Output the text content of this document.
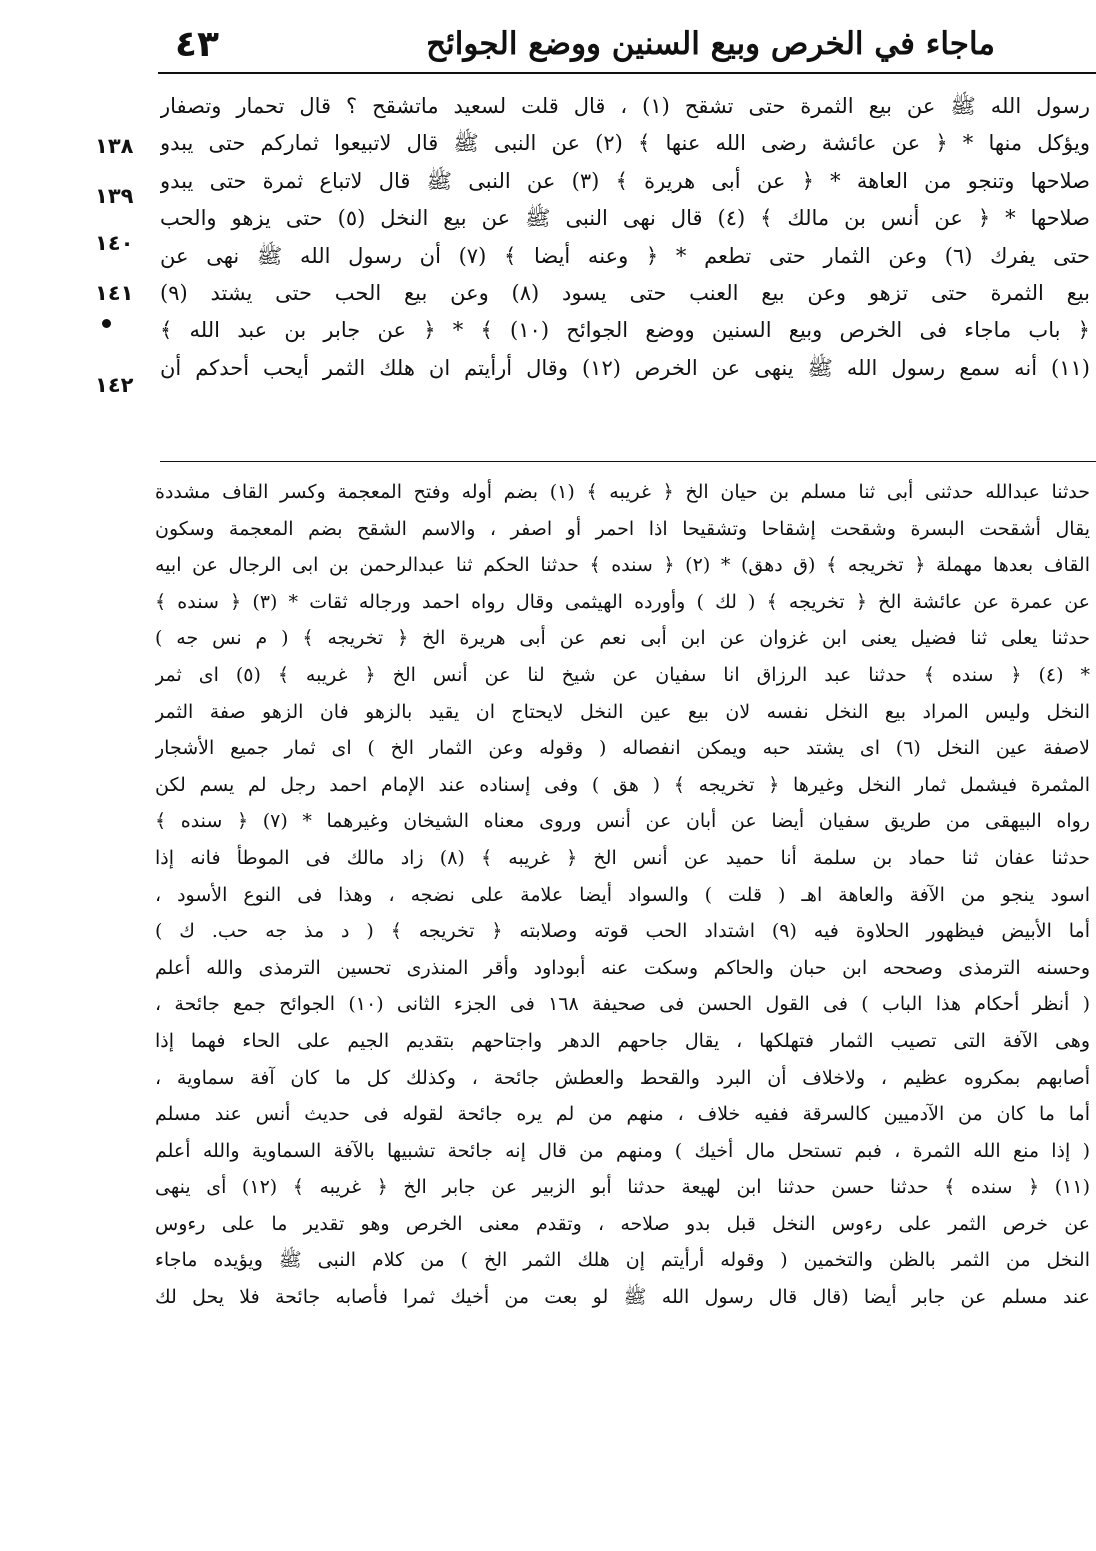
ماجاء في الخرص وبيع السنين ووضع الجوائح
٤٣
١٣٨
١٣٩
١٤٠
١٤١
١٤٢
رسول الله ﷺ عن بيع الثمرة حتى تشقح (١) ، قال قلت لسعيد ماتشقح ؟ قال تحمار وتصفار
ويؤكل منها * ﴿ عن عائشة رضى الله عنها ﴾ (٢) عن النبى ﷺ قال لاتبيعوا ثماركم حتى يبدو
صلاحها وتنجو من العاهة * ﴿ عن أبى هريرة ﴾ (٣) عن النبى ﷺ قال لاتباع ثمرة حتى يبدو
صلاحها * ﴿ عن أنس بن مالك ﴾ (٤) قال نهى النبى ﷺ عن بيع النخل (٥) حتى يزهو والحب
حتى يفرك (٦) وعن الثمار حتى تطعم * ﴿ وعنه أيضا ﴾ (٧) أن رسول الله ﷺ نهى عن
بيع الثمرة حتى تزهو وعن بيع العنب حتى يسود (٨) وعن بيع الحب حتى يشتد (٩)
﴿ باب ماجاء فى الخرص وبيع السنين ووضع الجوائح (١٠) ﴾ * ﴿ عن جابر بن عبد الله ﴾
(١١) أنه سمع رسول الله ﷺ ينهى عن الخرص (١٢) وقال أرأيتم ان هلك الثمر أيحب أحدكم أن
حدثنا عبدالله حدثنى أبى ثنا مسلم بن حيان الخ ﴿ غريبه ﴾ (١) بضم أوله وفتح المعجمة وكسر القاف مشددة
يقال أشقحت البسرة وشقحت إشقاحا وتشقيحا اذا احمر أو اصفر ، والاسم الشقح بضم المعجمة وسكون
القاف بعدها مهملة ﴿ تخريجه ﴾ (ق دهق) * (٢) ﴿ سنده ﴾ حدثنا الحكم ثنا عبدالرحمن بن ابى الرجال عن ابيه
عن عمرة عن عائشة الخ ﴿ تخريجه ﴾ ( لك ) وأورده الهيثمى وقال رواه احمد ورجاله ثقات * (٣) ﴿ سنده ﴾
حدثنا يعلى ثنا فضيل يعنى ابن غزوان عن ابن أبى نعم عن أبى هريرة الخ ﴿ تخريجه ﴾ ( م نس جه )
* (٤) ﴿ سنده ﴾ حدثنا عبد الرزاق انا سفيان عن شيخ لنا عن أنس الخ ﴿ غريبه ﴾ (٥) اى ثمر
النخل وليس المراد بيع النخل نفسه لان بيع عين النخل لايحتاج ان يقيد بالزهو فان الزهو صفة الثمر
لاصفة عين النخل (٦) اى يشتد حبه ويمكن انفصاله ( وقوله وعن الثمار الخ ) اى ثمار جميع الأشجار
المثمرة فيشمل ثمار النخل وغيرها ﴿ تخريجه ﴾ ( هق ) وفى إسناده عند الإمام احمد رجل لم يسم لكن
رواه البيهقى من طريق سفيان أيضا عن أبان عن أنس وروى معناه الشيخان وغيرهما * (٧) ﴿ سنده ﴾
حدثنا عفان ثنا حماد بن سلمة أنا حميد عن أنس الخ ﴿ غريبه ﴾ (٨) زاد مالك فى الموطأ فانه إذا
اسود ينجو من الآفة والعاهة اهـ ( قلت ) والسواد أيضا علامة على نضجه ، وهذا فى النوع الأسود ،
أما الأبيض فيظهور الحلاوة فيه (٩) اشتداد الحب قوته وصلابته ﴿ تخريجه ﴾ ( د مذ جه حب. ك )
وحسنه الترمذى وصححه ابن حبان والحاكم وسكت عنه أبوداود وأقر المنذرى تحسين الترمذى والله أعلم
( أنظر أحكام هذا الباب ) فى القول الحسن فى صحيفة ١٦٨ فى الجزء الثانى (١٠) الجوائح جمع جائحة ،
وهى الآفة التى تصيب الثمار فتهلكها ، يقال جاحهم الدهر واجتاحهم بتقديم الجيم على الحاء فهما إذا
أصابهم بمكروه عظيم ، ولاخلاف أن البرد والقحط والعطش جائحة ، وكذلك كل ما كان آفة سماوية ،
أما ما كان من الآدميين كالسرقة ففيه خلاف ، منهم من لم يره جائحة لقوله فى حديث أنس عند مسلم
( إذا منع الله الثمرة ، فبم تستحل مال أخيك ) ومنهم من قال إنه جائحة تشبيها بالآفة السماوية والله أعلم
(١١) ﴿ سنده ﴾ حدثنا حسن حدثنا ابن لهيعة حدثنا أبو الزبير عن جابر الخ ﴿ غريبه ﴾ (١٢) أى ينهى
عن خرص الثمر على رءوس النخل قبل بدو صلاحه ، وتقدم معنى الخرص وهو تقدير ما على رءوس
النخل من الثمر بالظن والتخمين ( وقوله أرأيتم إن هلك الثمر الخ ) من كلام النبى ﷺ ويؤيده ماجاء
عند مسلم عن جابر أيضا (قال قال رسول الله ﷺ لو بعت من أخيك ثمرا فأصابه جائحة فلا يحل لك
